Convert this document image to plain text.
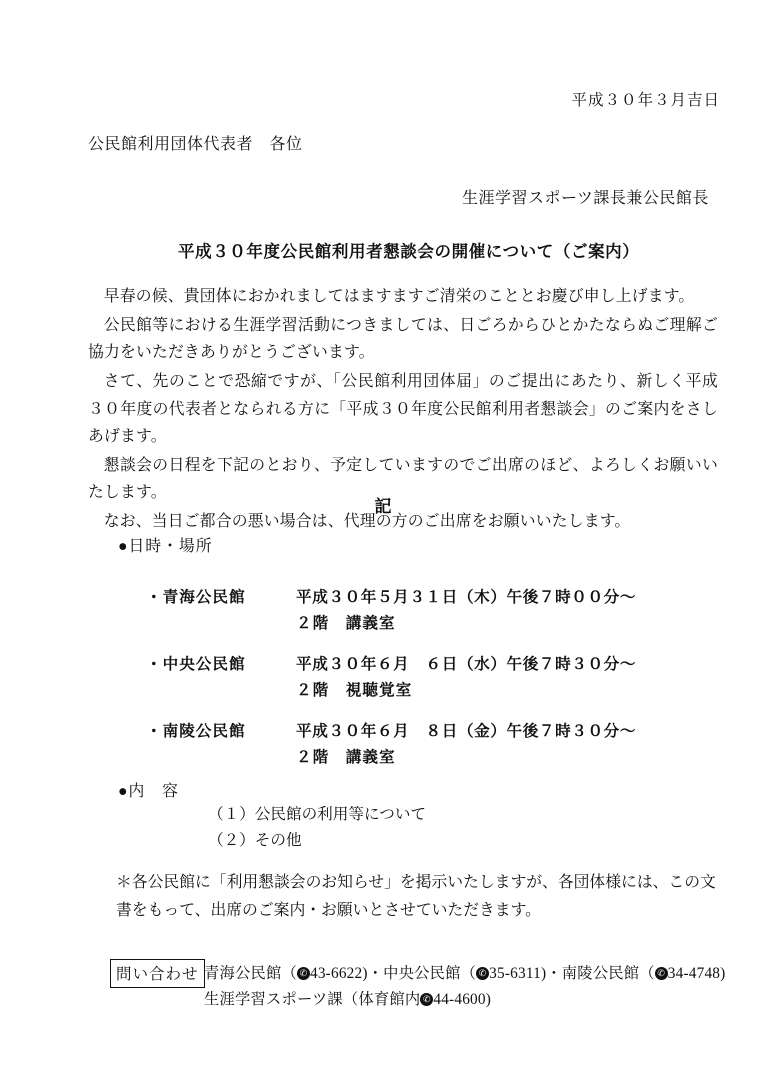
平成３０年３月吉日
公民館利用団体代表者　各位
生涯学習スポーツ課長兼公民館長
平成３０年度公民館利用者懇談会の開催について（ご案内）

早春の候、貴団体におかれましてはますますご清栄のこととお慶び申し上げます。

公民館等における生涯学習活動につきましては、日ごろからひとかたならぬご理解ご協力をいただきありがとうございます。

さて、先のことで恐縮ですが、「公民館利用団体届」のご提出にあたり、新しく平成３０年度の代表者となられる方に「平成３０年度公民館利用者懇談会」のご案内をさしあげます。

懇談会の日程を下記のとおり、予定していますのでご出席のほど、よろしくお願いいたします。

なお、当日ご都合の悪い場合は、代理の方のご出席をお願いいたします。

記
●日時・場所
・青海公民館	平成３０年５月３１日（木）午後７時００分～
２階　講義室
・中央公民館	平成３０年６月　６日（水）午後７時３０分～
２階　視聴覚室
・南陵公民館	平成３０年６月　８日（金）午後７時３０分～
２階　講義室
●内　容
（１）公民館の利用等について
（２）その他
＊各公民館に「利用懇談会のお知らせ」を掲示いたしますが、各団体様には、この文書をもって、出席のご案内・お願いとさせていただきます。
問い合わせ 青海公民館（ ✆ 43-6622)・中央公民館（ ✆ 35-6311)・南陵公民館（ ✆ 34-4748)
生涯学習スポーツ課（体育館内 ✆ 44-4600)
